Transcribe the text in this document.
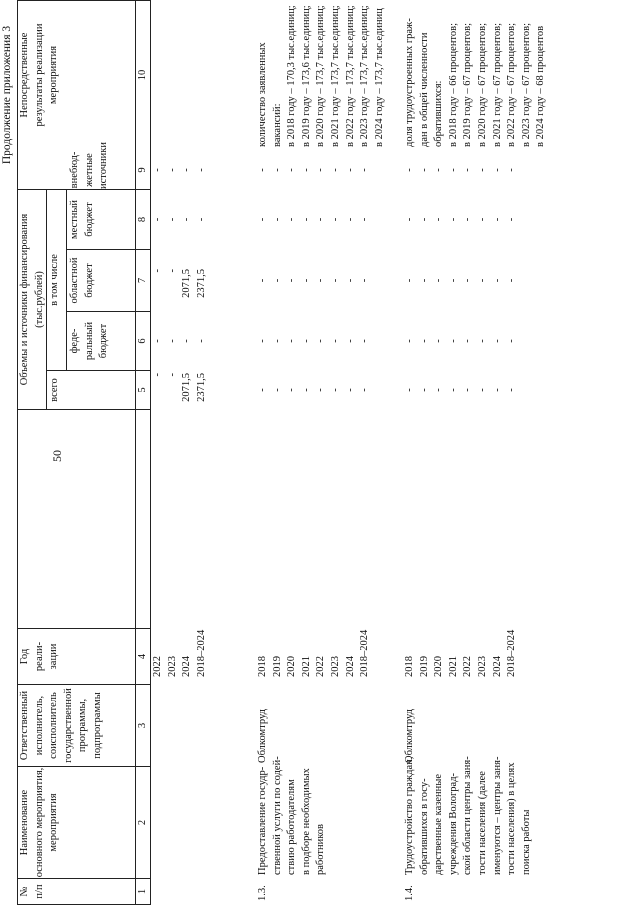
50
Продолжение приложения 3
№ п/п
Наименование основного мероприятия, мероприятия
Ответственный исполнитель, соисполнитель государственной программы, подпрограммы
Год реали- зации
Объемы и источники финансирования (тыс.рублей)
всего
в том числе
феде- ральный бюджет
областной бюджет
местный бюджет
внебюд- жетные источники
Непосредственные результаты реализации мероприятия
1
2
3
4
5
6
7
8
9
10
2022 2023 2024 2018–2024
- - 2071,5 2371,5
- - - -
- - 2071,5 2371,5
- - - -
- - - -
1.3.
Предоставление госудр- ственной услуги по содей- ствию работодателям в подборе необходимых работников
Облкомтруд
2018 2019 2020 2021 2022 2023 2024 2018–2024
- - - - - - - -
- - - - - - - -
- - - - - - - -
- - - - - - - -
- - - - - - - -
количество заявленных вакансий: в 2018 году – 170,3 тыс.единиц; в 2019 году – 173,6 тыс.единиц; в 2020 году – 173,7 тыс.единиц; в 2021 году – 173,7 тыс.единиц; в 2022 году – 173,7 тыс.единиц; в 2023 году – 173,7 тыс.единиц; в 2024 году – 173,7 тыс.единиц
1.4.
Трудоустройство граждан, обратившихся в госу- дарственные казенные учреждения Волоград- ской области центры заня- тости населения (далее именуются – центры заня- тости населения) в целях поиска работы
Облкомтруд
2018 2019 2020 2021 2022 2023 2024 2018–2024
- - - - - - - -
- - - - - - - -
- - - - - - - -
- - - - - - - -
- - - - - - - -
доля трудоустроенных граж- дан в общей численности обратившихся: в 2018 году – 66 процентов; в 2019 году – 67 процентов; в 2020 году – 67 процентов; в 2021 году – 67 процентов; в 2022 году – 67 процентов; в 2023 году – 67 процентов; в 2024 году – 68 процентов
